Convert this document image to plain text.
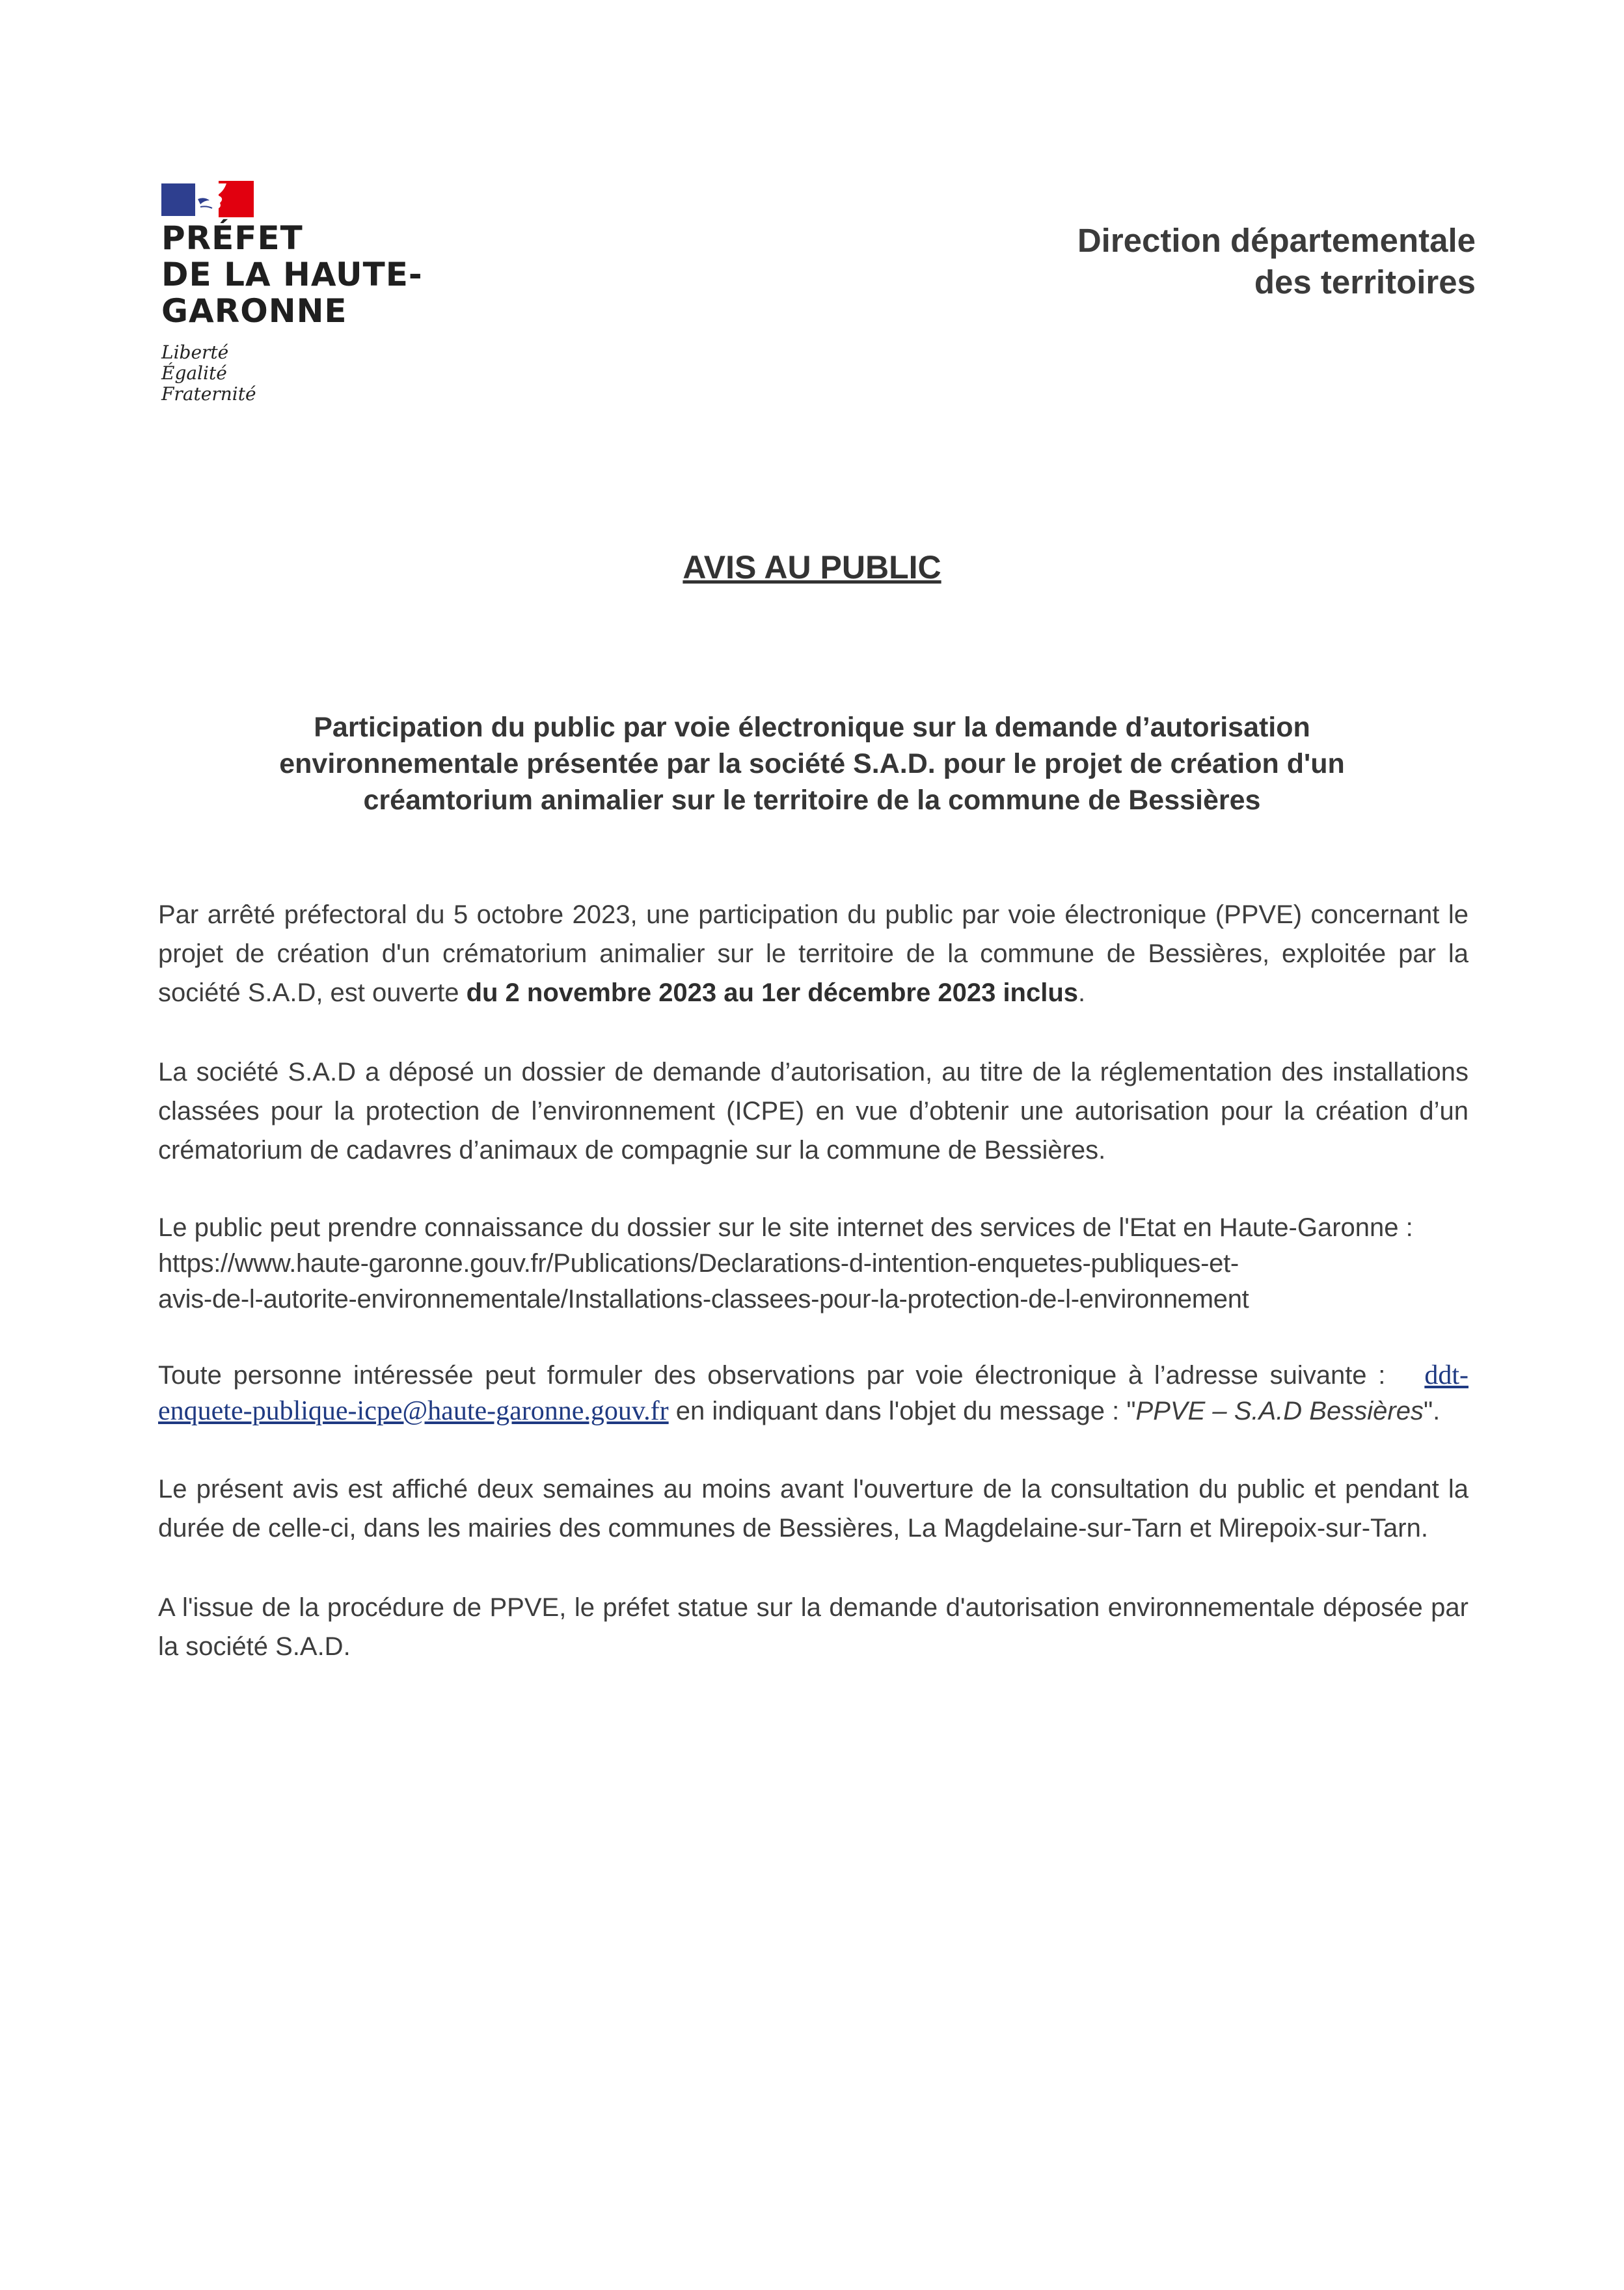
PRÉFET
DE LA HAUTE-
GARONNE
Liberté
Égalité
Fraternité
Direction départementale
des territoires
AVIS AU PUBLIC
Participation du public par voie électronique sur la demande d’autorisation
environnementale présentée par la société S.A.D. pour le projet de création d'un
créamtorium animalier sur le territoire de la commune de Bessières

Par arrêté préfectoral du 5 octobre 2023, une participation du public par voie électronique (PPVE) concernant le projet de création d'un crématorium animalier sur le territoire de la commune de Bessières, exploitée par la société S.A.D, est ouverte du 2 novembre 2023 au 1er décembre 2023 inclus.

La société S.A.D a déposé un dossier de demande d’autorisation, au titre de la réglementation des installations classées pour la protection de l’environnement (ICPE) en vue d’obtenir une autorisation pour la création d’un crématorium de cadavres d’animaux de compagnie sur la commune de Bessières.

Le public peut prendre connaissance du dossier sur le site internet des services de l'Etat en Haute-Garonne :
https://www.haute-garonne.gouv.fr/Publications/Declarations-d-intention-enquetes-publiques-et-
avis-de-l-autorite-environnementale/Installations-classees-pour-la-protection-de-l-environnement

Toute personne intéressée peut formuler des observations par voie électronique à l’adresse suivante : ddt-enquete-publique-icpe@haute-garonne.gouv.fr en indiquant dans l'objet du message : "PPVE – S.A.D Bessières".

Le présent avis est affiché deux semaines au moins avant l'ouverture de la consultation du public et pendant la durée de celle-ci, dans les mairies des communes de Bessières, La Magdelaine-sur-Tarn et Mirepoix-sur-Tarn.

A l'issue de la procédure de PPVE, le préfet statue sur la demande d'autorisation environnementale déposée par la société S.A.D.
